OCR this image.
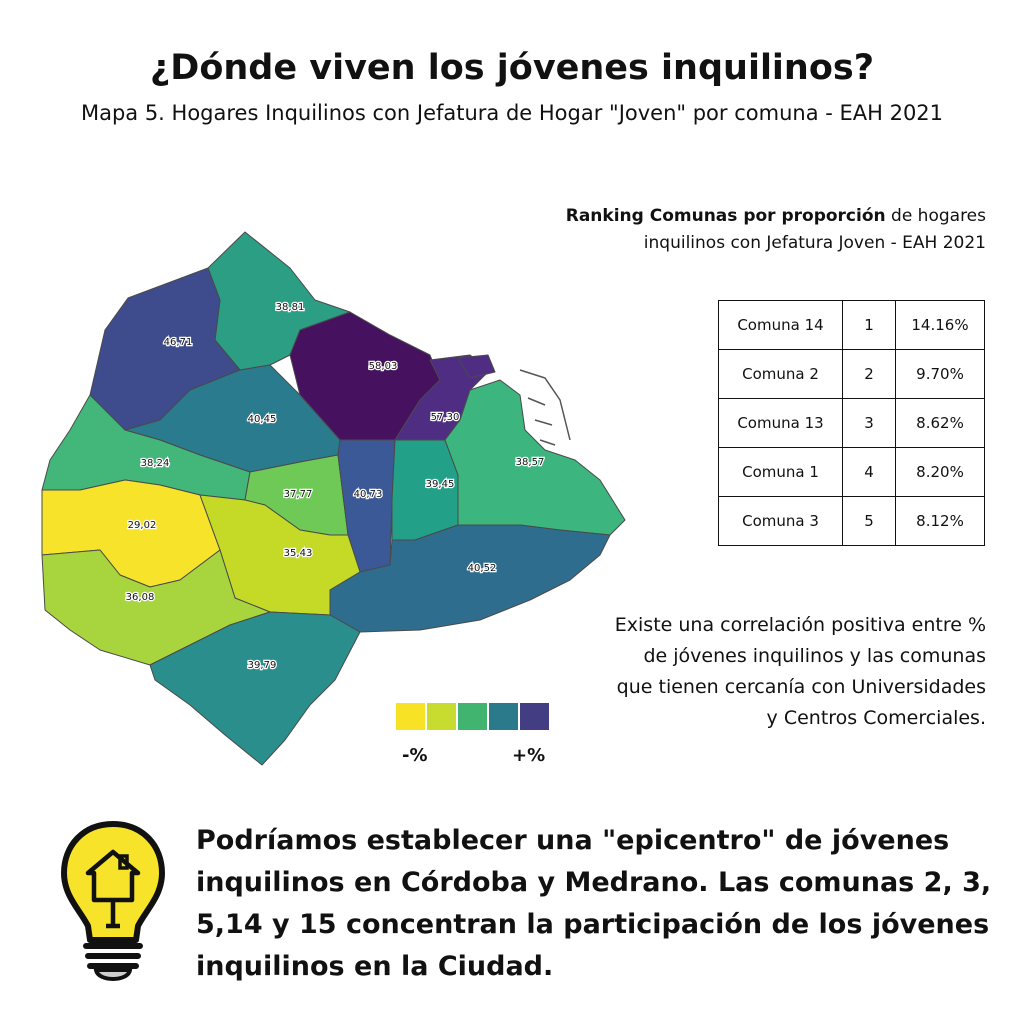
¿Dónde viven los jóvenes inquilinos?
Mapa 5. Hogares Inquilinos con Jefatura de Hogar "Joven" por comuna - EAH 2021
38,81
46,71
58,03
57,30
40,45
38,24
37,77	40,73
39,45
38,57
29,02
35,43
40,52
36,08
39,79
-%	+%
Ranking Comunas por proporción de hogares inquilinos con Jefatura Joven - EAH 2021
Comuna 14	1	14.16%
Comuna 2	2	9.70%
Comuna 13	3	8.62%
Comuna 1	4	8.20%
Comuna 3	5	8.12%
Existe una correlación positiva entre % de jóvenes inquilinos y las comunas que tienen cercanía con Universidades y Centros Comerciales.
Podríamos establecer una "epicentro" de jóvenes inquilinos en Córdoba y Medrano. Las comunas 2, 3, 5,14 y 15 concentran la participación de los jóvenes inquilinos en la Ciudad.
